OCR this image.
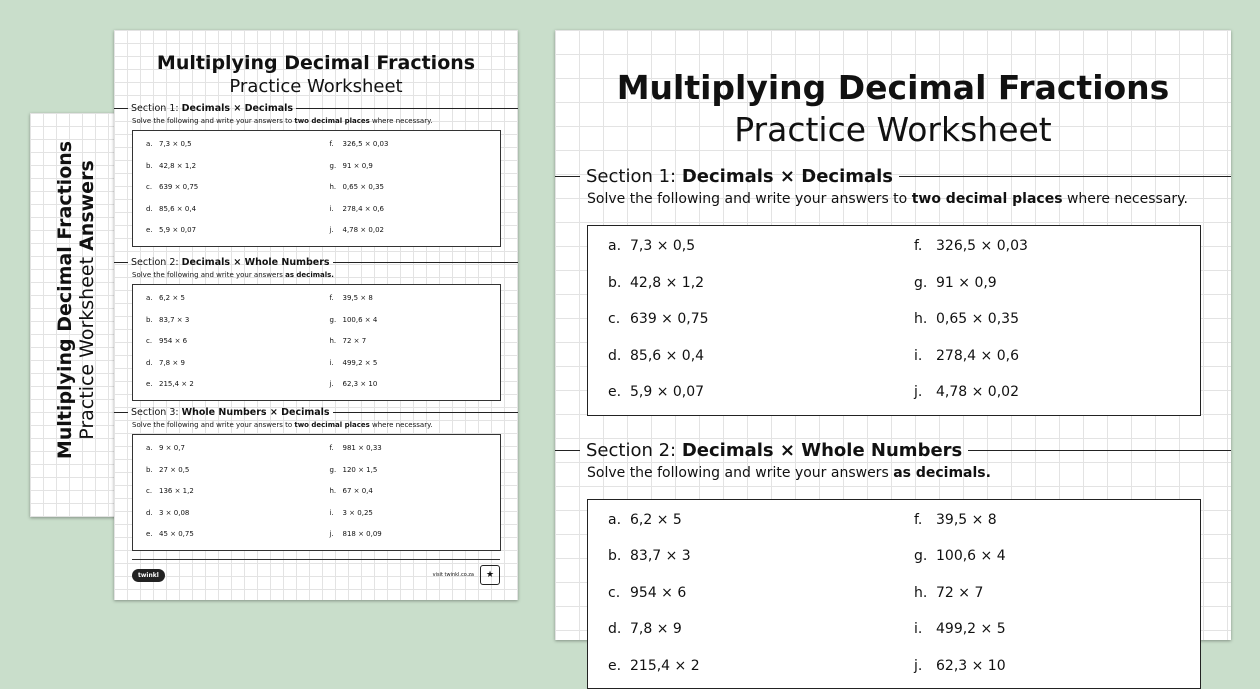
Multiplying Decimal Fractions Practice Worksheet Answers
Multiplying Decimal Fractions
Practice Worksheet
Section 1: Decimals × Decimals
Solve the following and write your answers to two decimal places where necessary.
a. 7,3 × 0,5	f. 326,5 × 0,03
b. 42,8 × 1,2	g. 91 × 0,9
c. 639 × 0,75	h. 0,65 × 0,35
d. 85,6 × 0,4	i. 278,4 × 0,6
e. 5,9 × 0,07	j. 4,78 × 0,02
Section 2: Decimals × Whole Numbers
Solve the following and write your answers as decimals.
a. 6,2 × 5	f. 39,5 × 8
b. 83,7 × 3	g. 100,6 × 4
c. 954 × 6	h. 72 × 7
d. 7,8 × 9	i. 499,2 × 5
e. 215,4 × 2	j. 62,3 × 10
Section 3: Whole Numbers × Decimals
Solve the following and write your answers to two decimal places where necessary.
a. 9 × 0,7	f. 981 × 0,33
b. 27 × 0,5	g. 120 × 1,5
c. 136 × 1,2	h. 67 × 0,4
d. 3 × 0,08	i. 3 × 0,25
e. 45 × 0,75	j. 818 × 0,09
twinkl	visit twinkl.co.za	★
Multiplying Decimal Fractions
Practice Worksheet
Section 1: Decimals × Decimals
Solve the following and write your answers to two decimal places where necessary.
a. 7,3 × 0,5	f. 326,5 × 0,03
b. 42,8 × 1,2	g. 91 × 0,9
c. 639 × 0,75	h. 0,65 × 0,35
d. 85,6 × 0,4	i. 278,4 × 0,6
e. 5,9 × 0,07	j. 4,78 × 0,02
Section 2: Decimals × Whole Numbers
Solve the following and write your answers as decimals.
a. 6,2 × 5	f. 39,5 × 8
b. 83,7 × 3	g. 100,6 × 4
c. 954 × 6	h. 72 × 7
d. 7,8 × 9	i. 499,2 × 5
e. 215,4 × 2	j. 62,3 × 10
